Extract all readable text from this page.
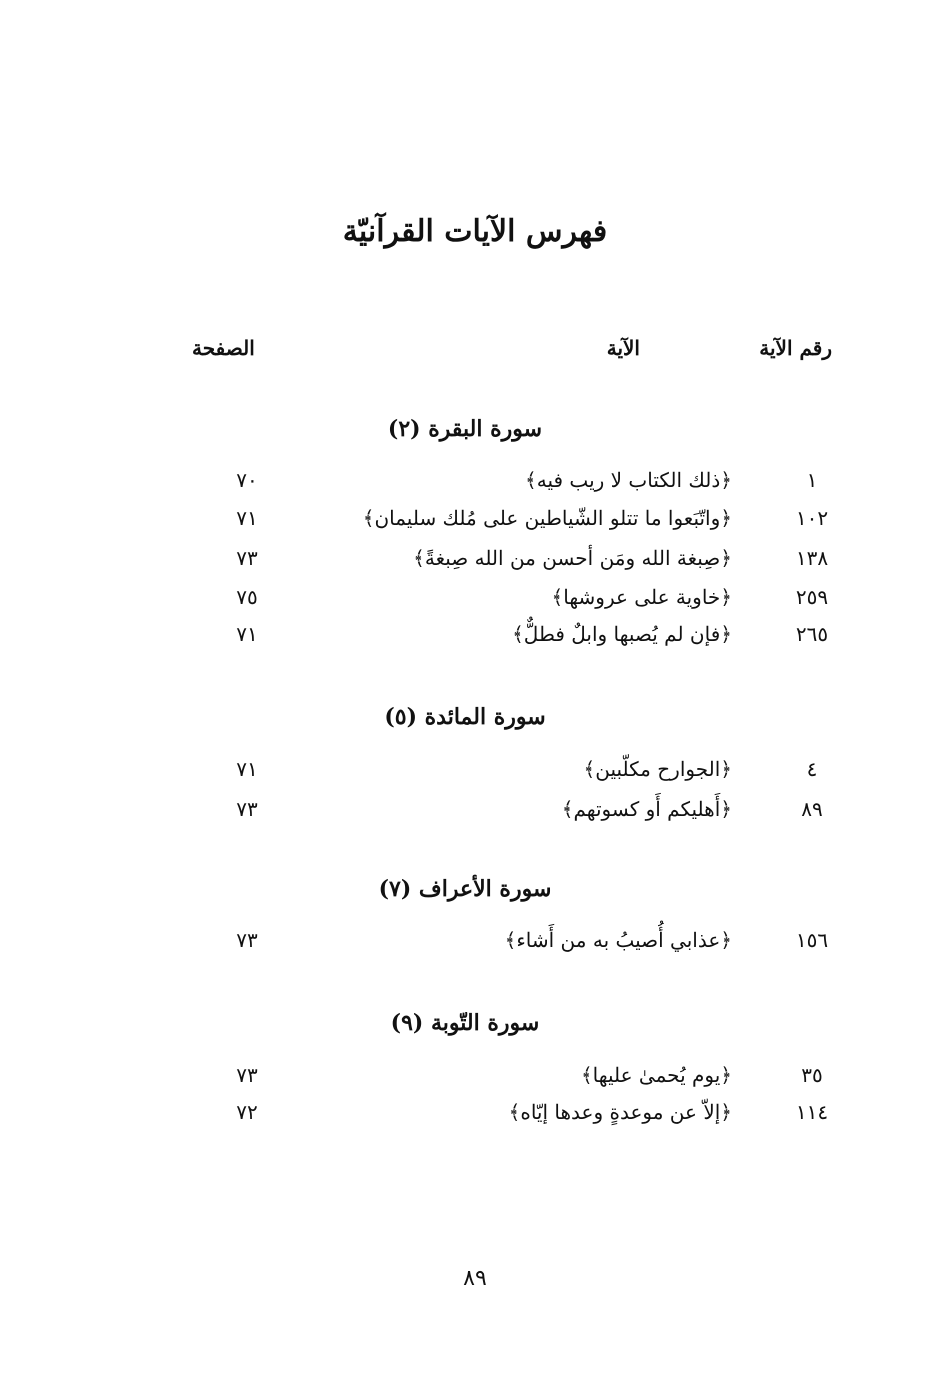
فهرس الآيات القرآنيّة
رقم الآية
الآية
الصفحة
سورة البقرة (٢)
١
﴿ذلك الكتاب لا ريب فيه﴾
٧٠
١٠٢
﴿واتّبَعوا ما تتلو الشّياطين على مُلك سليمان﴾
٧١
١٣٨
﴿صِبغة الله ومَن أحسن من الله صِبغةً﴾
٧٣
٢٥٩
﴿خاوية على عروشها﴾
٧٥
٢٦٥
﴿فإن لم يُصبها وابلٌ فطلٌّ﴾
٧١
سورة المائدة (٥)
٤
﴿الجوارح مكلّبين﴾
٧١
٨٩
﴿أَهليكم أَو كسوتهم﴾
٧٣
سورة الأعراف (٧)
١٥٦
﴿عذابي أُصيبُ به من أَشاء﴾
٧٣
سورة التّوبة (٩)
٣٥
﴿يوم يُحمىٰ عليها﴾
٧٣
١١٤
﴿إلاّ عن موعدةٍ وعدها إيّاه﴾
٧٢
٨٩
